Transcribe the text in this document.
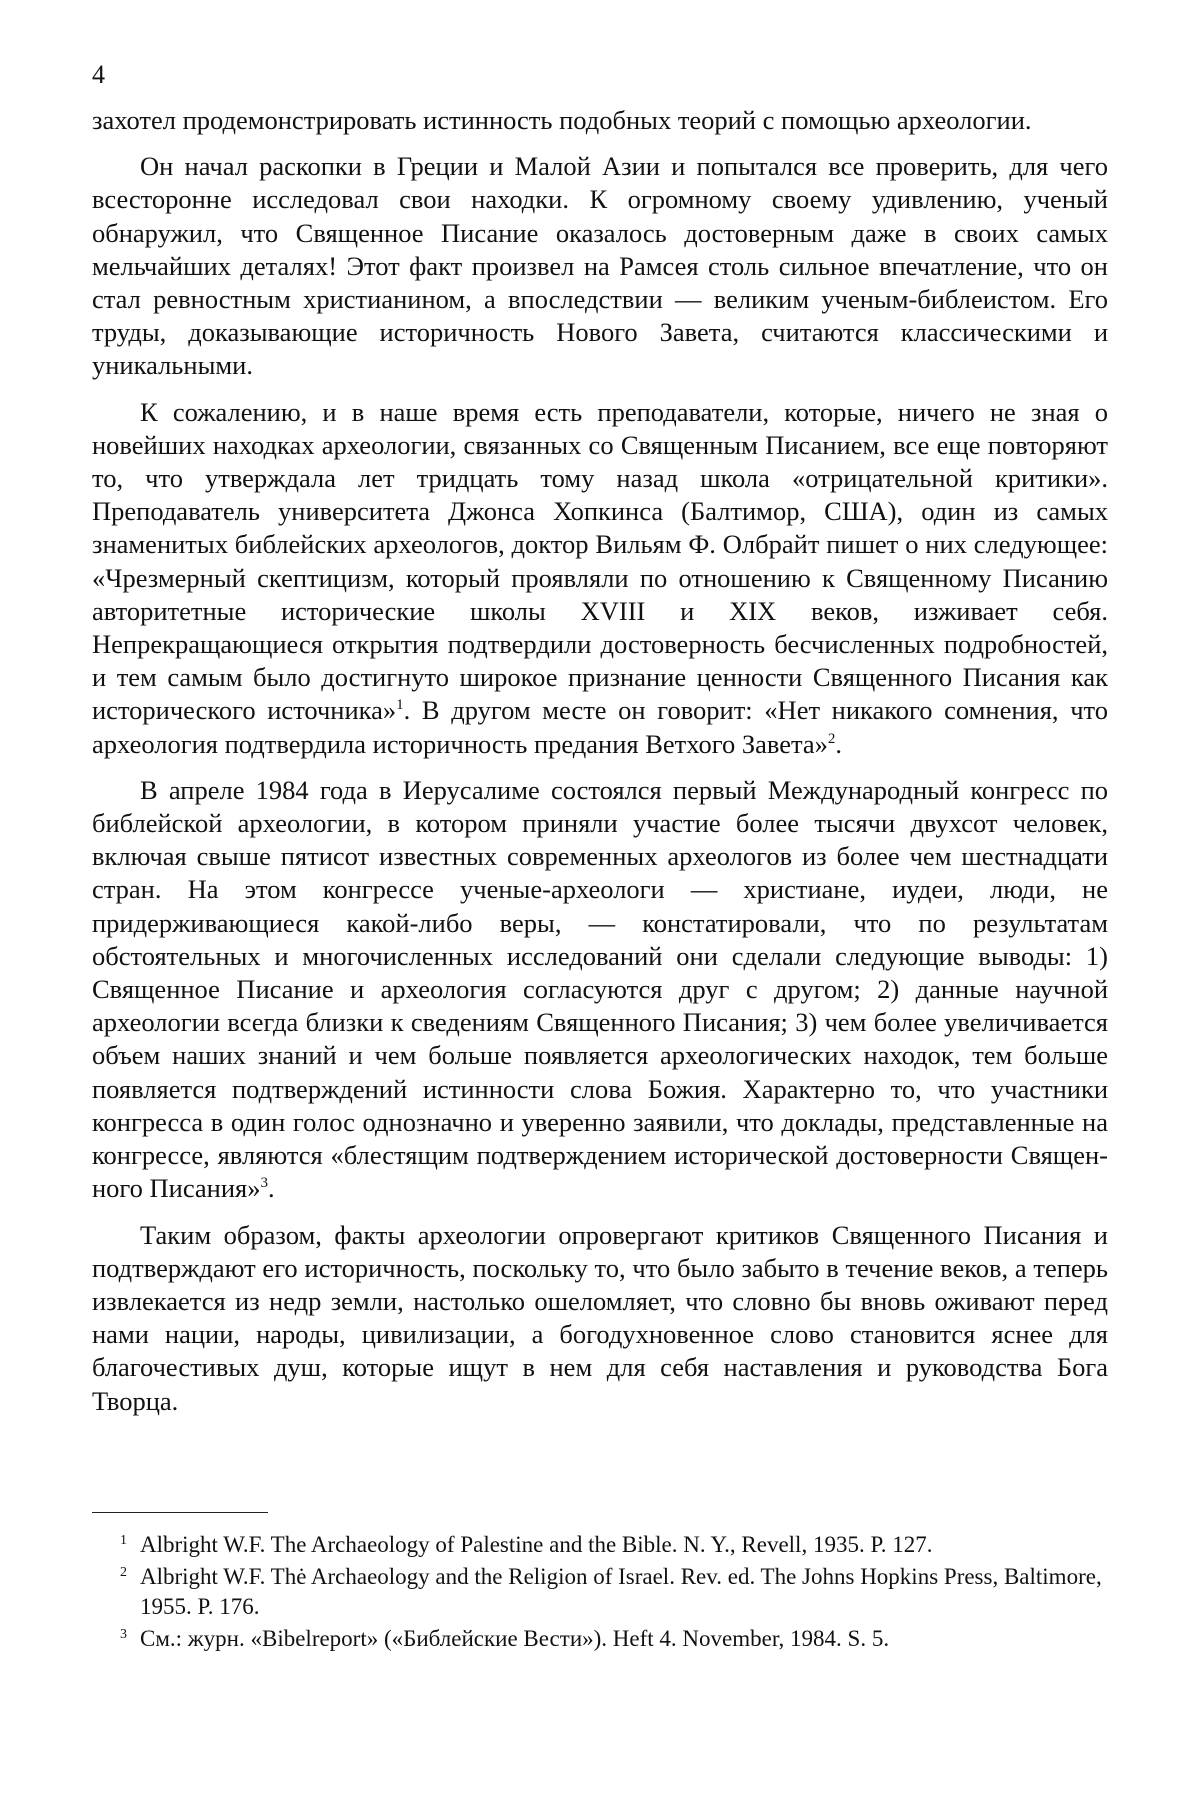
4

захотел продемонстрировать истинность подобных теорий с помощью археологии.

Он начал раскопки в Греции и Малой Азии и попытался все проверить, для чего всесторонне исследовал свои находки. К огромному своему удивлению, ученый обнаружил, что Священное Писание оказалось достоверным даже в своих самых мельчайших деталях! Этот факт произвел на Рамсея столь сильное впечатление, что он стал ревностным христианином, а впоследствии — великим ученым-библеистом. Его труды, доказывающие историчность Нового Завета, считаются классическими и уникальными.

К сожалению, и в наше время есть преподаватели, которые, ничего не зная о новейших находках археологии, связанных со Священным Писанием, все еще повторяют то, что утверждала лет тридцать тому назад школа «отрицательной критики». Преподаватель университета Джонса Хопкинса (Балтимор, США), один из самых знаменитых библейских археологов, доктор Вильям Ф. Олбрайт пишет о них следующее: «Чрезмерный скептицизм, который проявляли по отношению к Священному Писанию авторитетные исторические школы XVIII и XIX веков, изживает себя. Непрекращающиеся открытия подтвердили достоверность бесчисленных подробностей, и тем самым было достигнуто широкое признание ценности Священного Писания как исторического источника»$^1$. В другом месте он говорит: «Нет никакого сомнения, что археология подтвердила историчность предания Ветхого Завета»$^2$.

В апреле 1984 года в Иерусалиме состоялся первый Международный конгресс по библейской археологии, в котором приняли участие более тысячи двухсот человек, включая свыше пятисот известных современных археологов из более чем шестнадцати стран. На этом конгрессе ученые-археологи — христиане, иудеи, люди, не придерживающиеся какой-либо веры, — констатировали, что по результатам обстоятельных и многочисленных исследований они сделали следующие выводы: 1) Священное Писание и археология согласуются друг с другом; 2) данные научной археологии всегда близки к сведениям Священного Писания; 3) чем более увеличивается объем наших знаний и чем больше появляется археологических находок, тем больше появляется подтверждений истинности слова Божия. Характерно то, что участники конгресса в один голос однозначно и уверенно заявили, что доклады, представленные на конгрессе, являются «блестящим подтверждением исторической достоверности Священного Писания»$^3$.

Таким образом, факты археологии опровергают критиков Священного Писания и подтверждают его историчность, поскольку то, что было забыто в течение веков, а теперь извлекается из недр земли, настолько ошеломляет, что словно бы вновь оживают перед нами нации, народы, цивилизации, а богодухновенное слово становится яснее для благочестивых душ, которые ищут в нем для себя наставления и руководства Бога Творца.

1 Albright W.F. The Archaeology of Palestine and the Bible. N. Y., Revell, 1935. P. 127.
2 Albright W.F. Thė Archaeology and the Religion of Israel. Rev. ed. The Johns Hopkins Press, Baltimore, 1955. P. 176.
3 См.: журн. «Bibelreport» («Библейские Вести»). Heft 4. November, 1984. S. 5.
